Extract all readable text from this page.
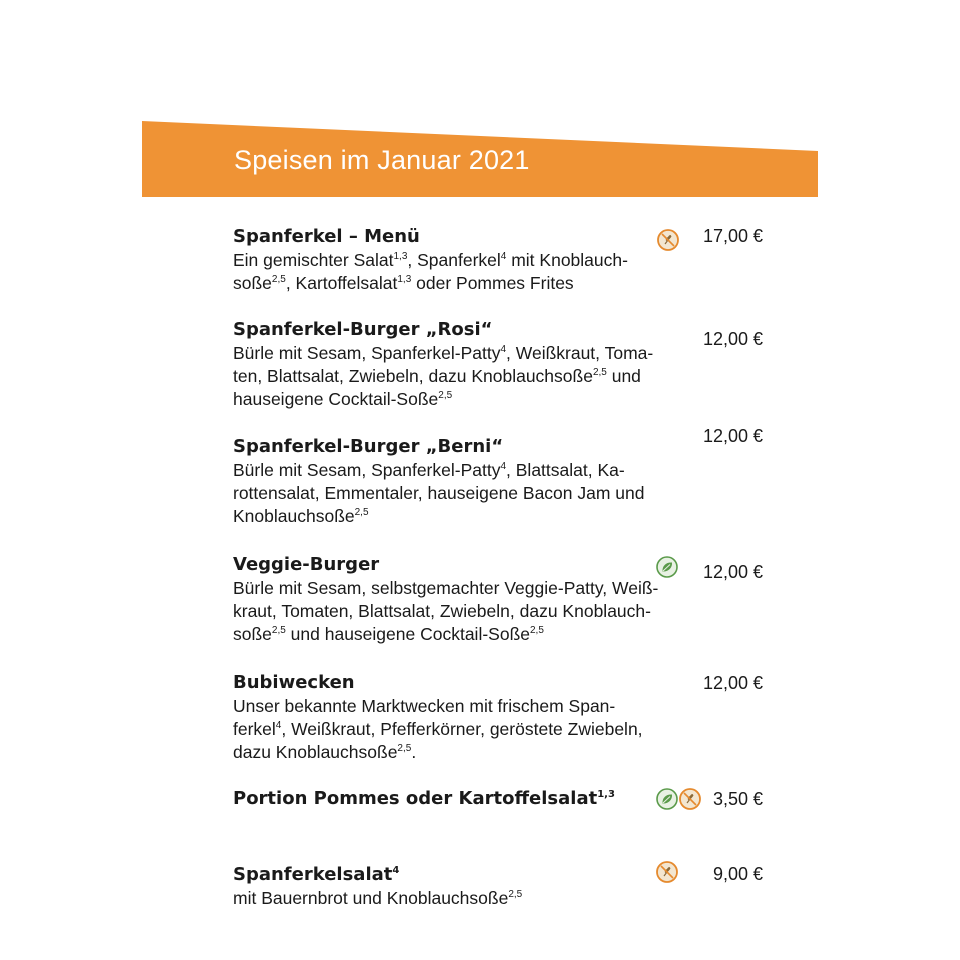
Speisen im Januar 2021
Spanferkel – Menü
Ein gemischter Salat$^{1,3}$, Spanferkel$^4$ mit Knoblauch-
soße$^{2,5}$, Kartoffelsalat$^{1,3}$ oder Pommes Frites
17,00 €
Spanferkel-Burger „Rosi“
Bürle mit Sesam, Spanferkel-Patty$^4$, Weißkraut, Toma-
ten, Blattsalat, Zwiebeln, dazu Knoblauchsoße$^{2,5}$ und
hauseigene Cocktail-Soße$^{2,5}$
12,00 €
Spanferkel-Burger „Berni“
Bürle mit Sesam, Spanferkel-Patty$^4$, Blattsalat, Ka-
rottensalat, Emmentaler, hauseigene Bacon Jam und
Knoblauchsoße$^{2,5}$
12,00 €
Veggie-Burger
Bürle mit Sesam, selbstgemachter Veggie-Patty, Weiß-
kraut, Tomaten, Blattsalat, Zwiebeln, dazu Knoblauch-
soße$^{2,5}$ und hauseigene Cocktail-Soße$^{2,5}$
12,00 €
Bubiwecken
Unser bekannte Marktwecken mit frischem Span-
ferkel$^4$, Weißkraut, Pfefferkörner, geröstete Zwiebeln,
dazu Knoblauchsoße$^{2,5}$.
12,00 €
Portion Pommes oder Kartoffelsalat$^{1,3}$	3,50 €
Spanferkelsalat$^4$
mit Bauernbrot und Knoblauchsoße$^{2,5}$
9,00 €
